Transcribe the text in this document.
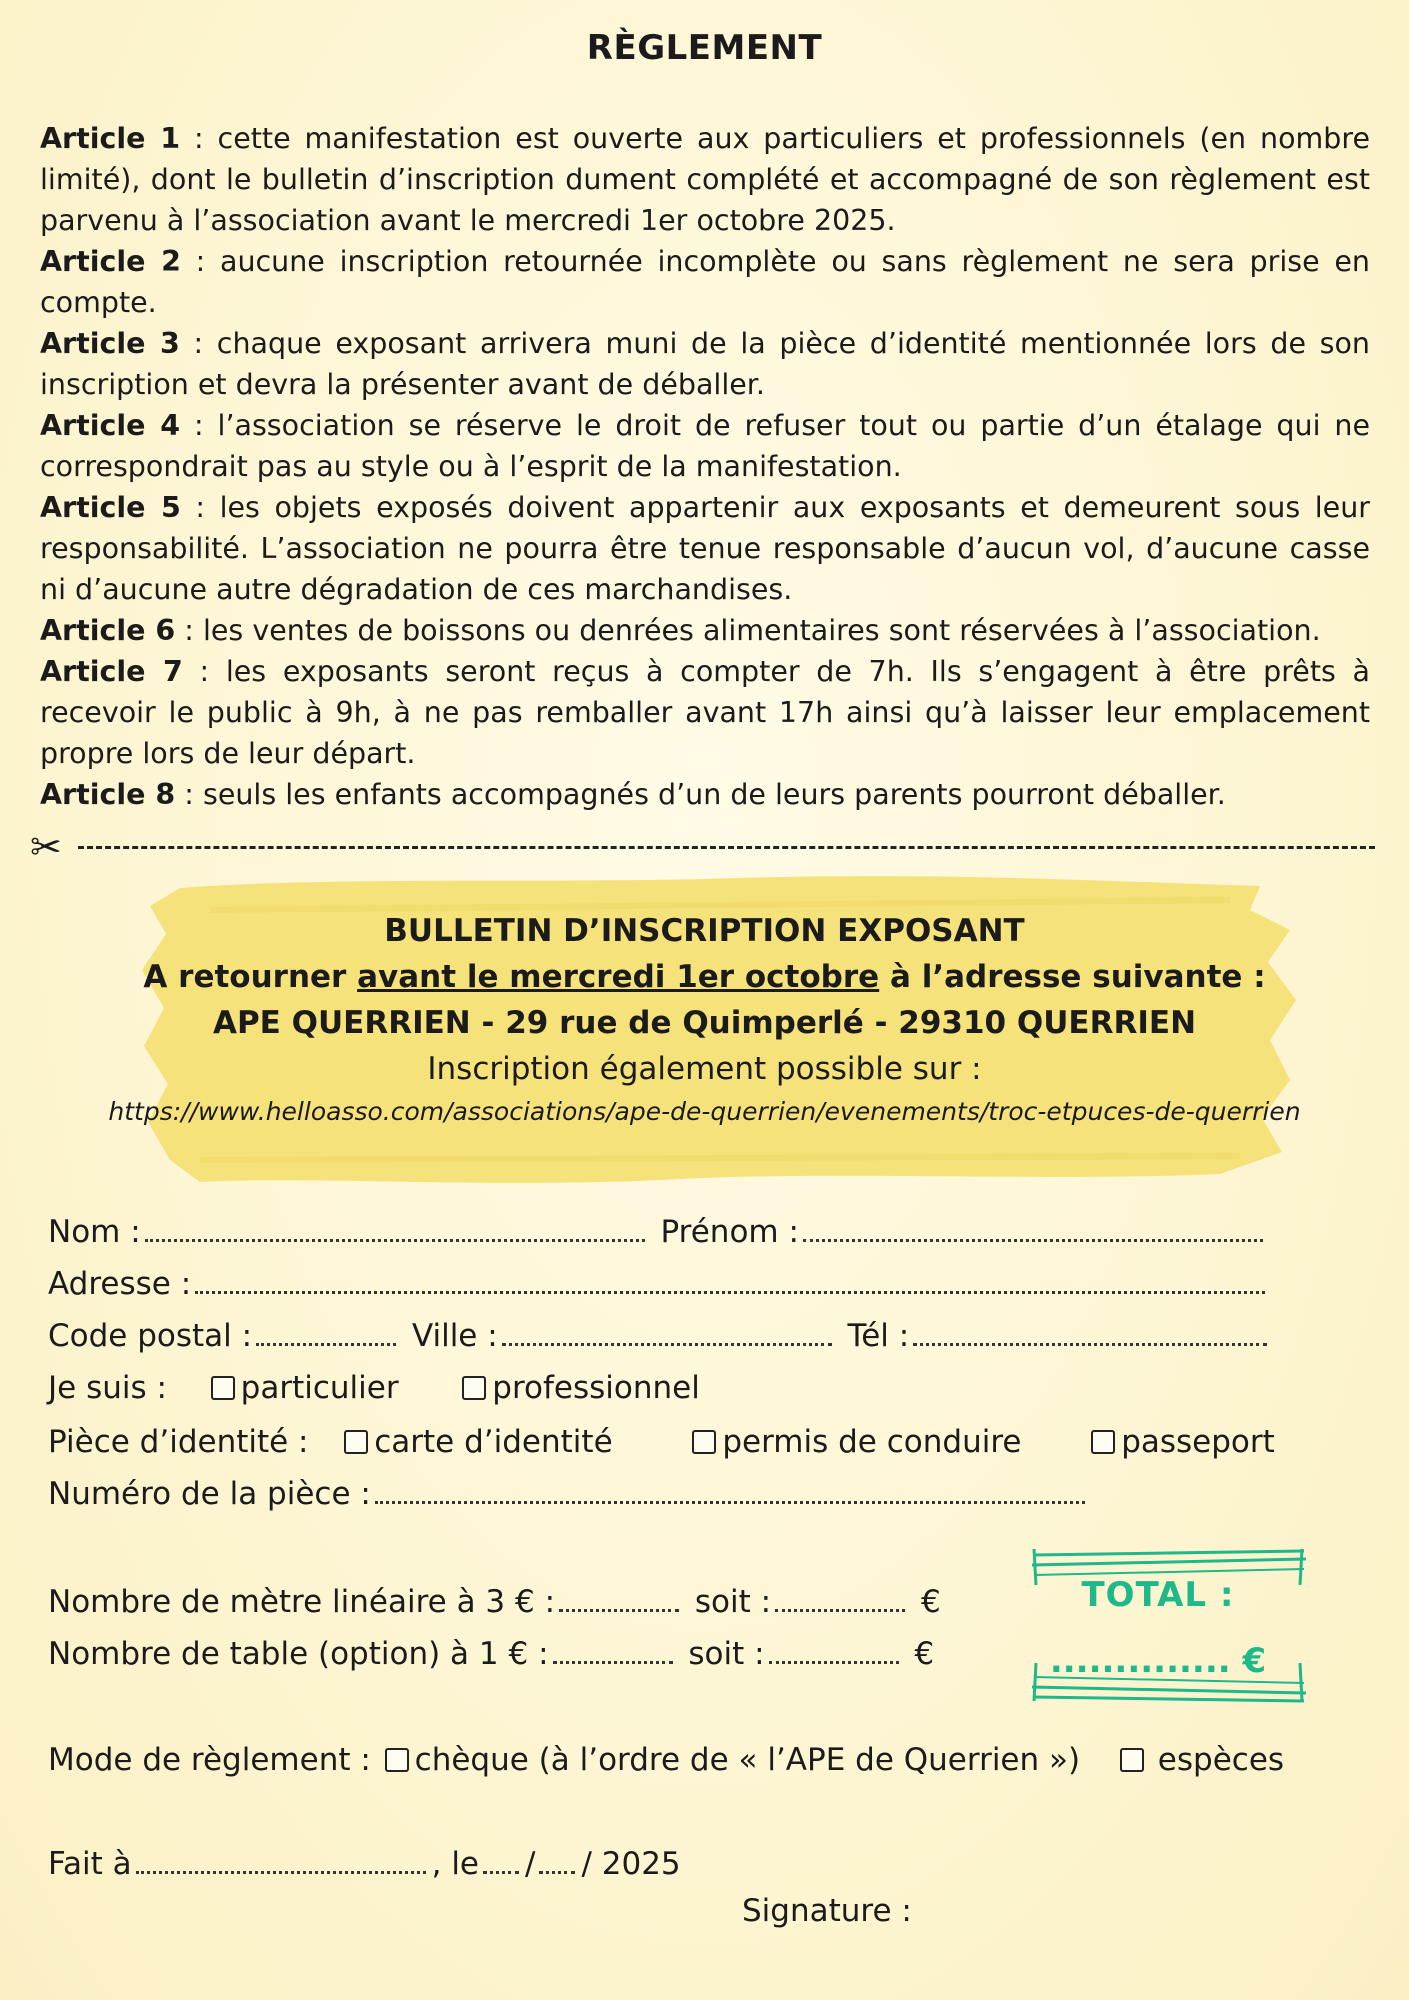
RÈGLEMENT

Article 1 : cette manifestation est ouverte aux particuliers et professionnels (en nombre limité), dont le bulletin d’inscription dument complété et accompagné de son règlement est parvenu à l’association avant le mercredi 1er octobre 2025.

Article 2 : aucune inscription retournée incomplète ou sans règlement ne sera prise en compte.

Article 3 : chaque exposant arrivera muni de la pièce d’identité mentionnée lors de son inscription et devra la présenter avant de déballer.

Article 4 : l’association se réserve le droit de refuser tout ou partie d’un étalage qui ne correspondrait pas au style ou à l’esprit de la manifestation.

Article 5 : les objets exposés doivent appartenir aux exposants et demeurent sous leur responsabilité. L’association ne pourra être tenue responsable d’aucun vol, d’aucune casse ni d’aucune autre dégradation de ces marchandises.

Article 6 : les ventes de boissons ou denrées alimentaires sont réservées à l’association.

Article 7 : les exposants seront reçus à compter de 7h. Ils s’engagent à être prêts à recevoir le public à 9h, à ne pas remballer avant 17h ainsi qu’à laisser leur emplacement propre lors de leur départ.

Article 8 : seuls les enfants accompagnés d’un de leurs parents pourront déballer.

✂
BULLETIN D’INSCRIPTION EXPOSANT
A retourner avant le mercredi 1er octobre à l’adresse suivante :
APE QUERRIEN - 29 rue de Quimperlé - 29310 QUERRIEN
Inscription également possible sur :
https://www.helloasso.com/associations/ape-de-querrien/evenements/troc-etpuces-de-querrien
Nom :	Prénom :
Adresse :
Code postal :	Ville :	Tél :
Je suis : particulier	professionnel
Pièce d’identité : carte d’identité	permis de conduire	passeport
Numéro de la pièce :
Nombre de mètre linéaire à 3 € :	soit :	€
Nombre de table (option) à 1 € :	soit :	€
Mode de règlement : chèque (à l’ordre de « l’APE de Querrien »)	espèces
Fait à	, le / / 2025
Signature :
TOTAL :
.............. €
